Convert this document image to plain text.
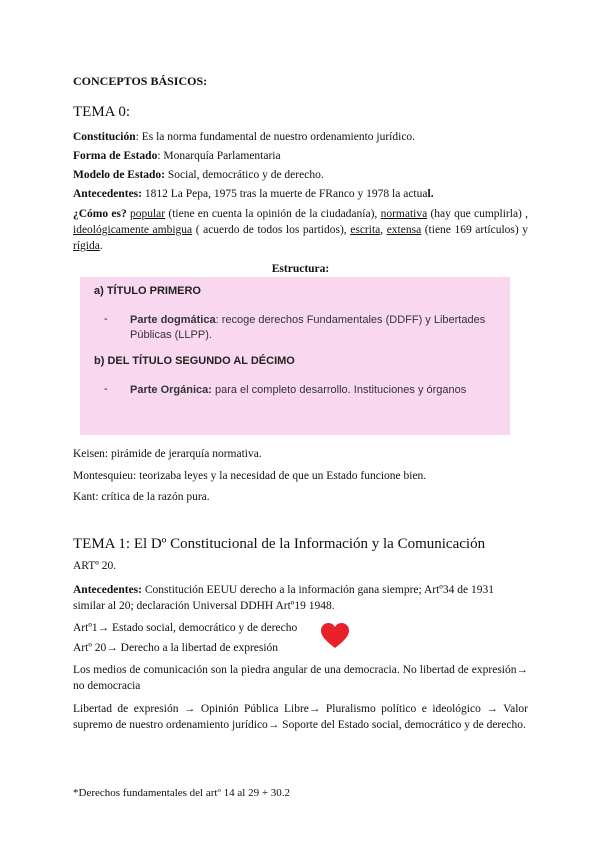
CONCEPTOS BÁSICOS:

TEMA 0:

Constitución: Es la norma fundamental de nuestro ordenamiento jurídico.

Forma de Estado: Monarquía Parlamentaria

Modelo de Estado: Social, democrático y de derecho.

Antecedentes: 1812 La Pepa, 1975 tras la muerte de FRanco y 1978 la actual.

¿Cómo es? popular (tiene en cuenta la opinión de la ciudadanía), normativa (hay que cumplirla) , ideológicamente ambigua ( acuerdo de todos los partidos), escrita, extensa (tiene 169 artículos) y rígida.

Estructura:

a) TÍTULO PRIMERO
- Parte dogmática: recoge derechos Fundamentales (DDFF) y Libertades Públicas (LLPP).
b) DEL TÍTULO SEGUNDO AL DÉCIMO
- Parte Orgánica: para el completo desarrollo. Instituciones y órganos

Keisen: pirámide de jerarquía normativa.

Montesquieu: teorizaba leyes y la necesidad de que un Estado funcione bien.

Kant: crítica de la razón pura.

TEMA 1: El Dº Constitucional de la Información y la Comunicación

ARTº 20.

Antecedentes: Constitución EEUU derecho a la información gana siempre; Artº34 de 1931 similar al 20; declaración Universal DDHH Artº19 1948.

Artº1→ Estado social, democrático y de derecho

Artº 20→ Derecho a la libertad de expresión

Los medios de comunicación son la piedra angular de una democracia. No libertad de expresión→ no democracia

Libertad de expresión → Opinión Pública Libre→ Pluralismo político e ideológico → Valor supremo de nuestro ordenamiento jurídico→ Soporte del Estado social, democrático y de derecho.

*Derechos fundamentales del artº 14 al 29 + 30.2
